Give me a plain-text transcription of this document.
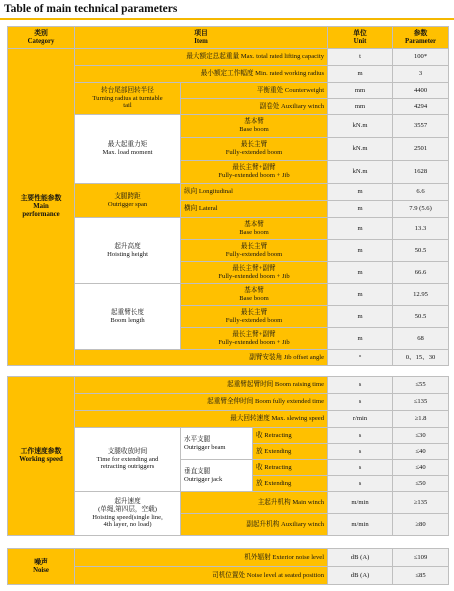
Table of main technical parameters
类别
Category	项目
Item		单位
Unit	参数
Parameter
主要性能参数
Main
performance	最大额定总起重量 Max. total rated lifting capacity		t	100*
	最小额定工作幅度 Min. rated working radius		m	3
	转台尾部回转半径
Turning radius at turntable
tail	平衡重处 Counterweight	mm	4400
		副卷处 Auxiliary winch	mm	4294
	最大起重力矩
Max. load moment	基本臂
Base boom	kN.m	3557
		最长主臂
Fully-extended boom	kN.m	2501
		最长主臂+副臂
Fully-extended boom + Jib	kN.m	1628
	支腿跨距
Outrigger span	纵向 Longitudinal	m	6.6
		横向 Lateral	m	7.9 (5.6)
	起升高度
Hoisting height	基本臂
Base boom	m	13.3
		最长主臂
Fully-extended boom	m	50.5
		最长主臂+副臂
Fully-extended boom + Jib	m	66.6
	起重臂长度
Boom length	基本臂
Base boom	m	12.95
		最长主臂
Fully-extended boom	m	50.5
		最长主臂+副臂
Fully-extended boom + Jib	m	68
	副臂安装角 Jib offset angle		°	0、15、30
工作速度参数
Working speed	起重臂起臂时间 Boom raising time			s	≤55
	起重臂全伸时间 Boom fully extended time			s	≤135
	最大回转速度 Max. slewing speed			r/min	≥1.8
	支腿收放时间
Time for extending and
retracting outriggers	水平支腿
Outrigger beam	收 Retracting	s	≤30
			放 Extending	s	≤40
		垂直支腿
Outrigger jack	收 Retracting	s	≤40
			放 Extending	s	≤50
	起升速度
(单绳,第四层，空载)
Hoisting speed(single line,
4th layer, no load)	主起升机构 Main winch		m/min	≥135
		副起升机构 Auxiliary winch		m/min	≥80
噪声
Noise	机外辐射 Exterior noise level	dB (A)	≤109
	司机位置处 Noise level at seated position	dB (A)	≤85
